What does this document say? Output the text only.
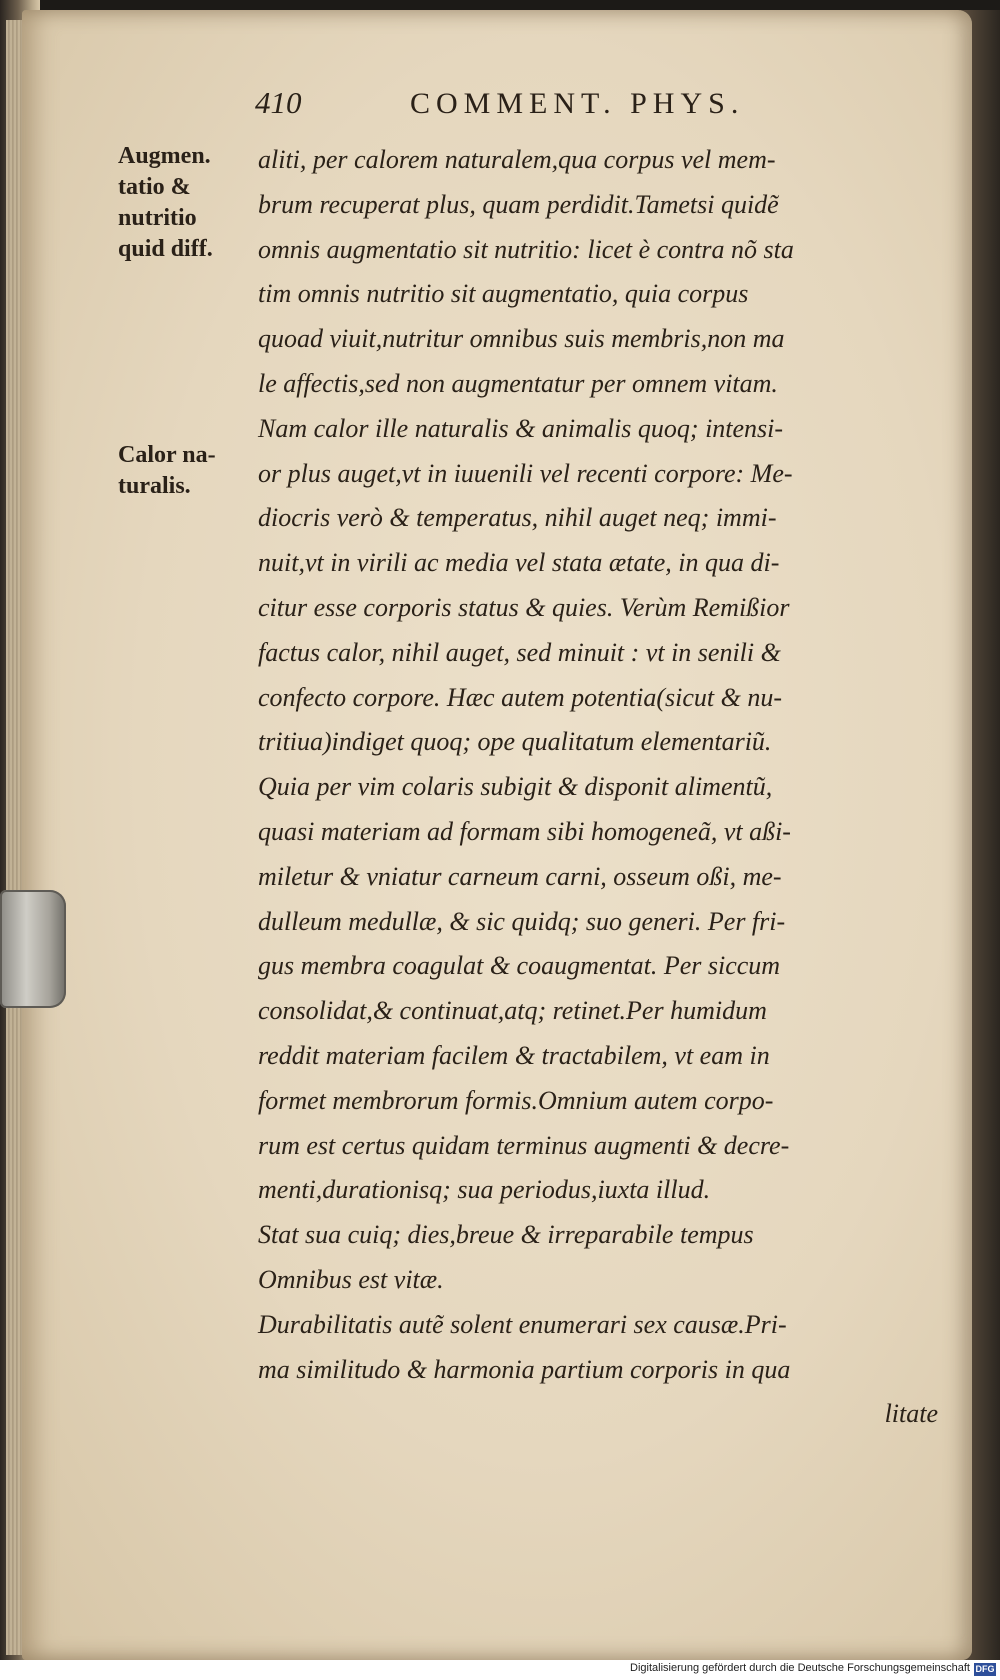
410	COMMENT. PHYS.
Augmen.
tatio &
nutritio
quid diff.
Calor na-
turalis.
aliti, per calorem naturalem,qua corpus vel mem-
brum recuperat plus, quam perdidit.Tametsi quidẽ
omnis augmentatio sit nutritio: licet è contra nõ sta
tim omnis nutritio sit augmentatio, quia corpus
quoad viuit,nutritur omnibus suis membris,non ma
le affectis,sed non augmentatur per omnem vitam.
Nam calor ille naturalis & animalis quoq; intensi-
or plus auget,vt in iuuenili vel recenti corpore: Me-
diocris verò & temperatus, nihil auget neq; immi-
nuit,vt in virili ac media vel stata ætate, in qua di-
citur esse corporis status & quies. Verùm Remißior
factus calor, nihil auget, sed minuit : vt in senili &
confecto corpore. Hæc autem potentia(sicut & nu-
tritiua)indiget quoq; ope qualitatum elementariũ.
Quia per vim colaris subigit & disponit alimentũ,
quasi materiam ad formam sibi homogeneã, vt aßi-
miletur & vniatur carneum carni, osseum oßi, me-
dulleum medullæ, & sic quidq; suo generi. Per fri-
gus membra coagulat & coaugmentat. Per siccum
consolidat,& continuat,atq; retinet.Per humidum
reddit materiam facilem & tractabilem, vt eam in
formet membrorum formis.Omnium autem corpo-
rum est certus quidam terminus augmenti & decre-
menti,durationisq; sua periodus,iuxta illud.
Stat sua cuiq; dies,breue & irreparabile tempus
Omnibus est vitæ.
Durabilitatis autẽ solent enumerari sex causæ.Pri-
ma similitudo & harmonia partium corporis in qua
litate
Digitalisierung gefördert durch die Deutsche Forschungsgemeinschaft DFG
